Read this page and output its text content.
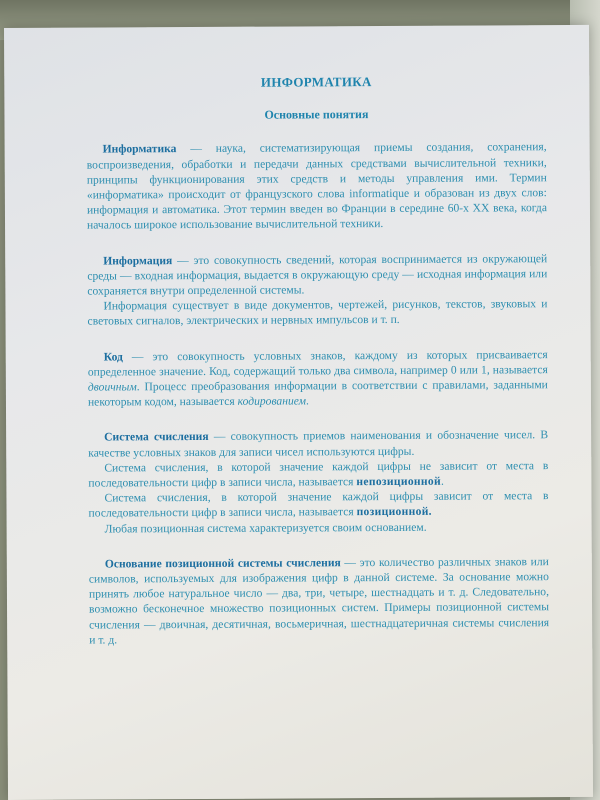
ИНФОРМАТИКА
Основные понятия

Информатика — наука, систематизирующая приемы создания, сохранения, воспроизведения, обработки и передачи данных средствами вычислительной техники, принципы функционирования этих средств и методы управления ими. Термин «информатика» происходит от французского слова informatique и образован из двух слов: информация и автоматика. Этот термин введен во Франции в середине 60-х XX века, когда началось широкое использование вычислительной техники.

Информация — это совокупность сведений, которая воспринимается из окружающей среды — входная информация, выдается в окружающую среду — исходная информация или сохраняется внутри определенной системы.

Информация существует в виде документов, чертежей, рисунков, текстов, звуковых и световых сигналов, электрических и нервных импульсов и т. п.

Код — это совокупность условных знаков, каждому из которых присваивается определенное значение. Код, содержащий только два символа, например 0 или 1, называется двоичным. Процесс преобразования информации в соответствии с правилами, заданными некоторым кодом, называется кодированием.

Система счисления — совокупность приемов наименования и обозначение чисел. В качестве условных знаков для записи чисел используются цифры.

Система счисления, в которой значение каждой цифры не зависит от места в последовательности цифр в записи числа, называется непозиционной.

Система счисления, в которой значение каждой цифры зависит от места в последовательности цифр в записи числа, называется позиционной.

Любая позиционная система характеризуется своим основанием.

Основание позиционной системы счисления — это количество различных знаков или символов, используемых для изображения цифр в данной системе. За основание можно принять любое натуральное число — два, три, четыре, шестнадцать и т. д. Следовательно, возможно бесконечное множество позиционных систем. Примеры позиционной системы счисления — двоичная, десятичная, восьмеричная, шестнадцатеричная системы счисления и т. д.
